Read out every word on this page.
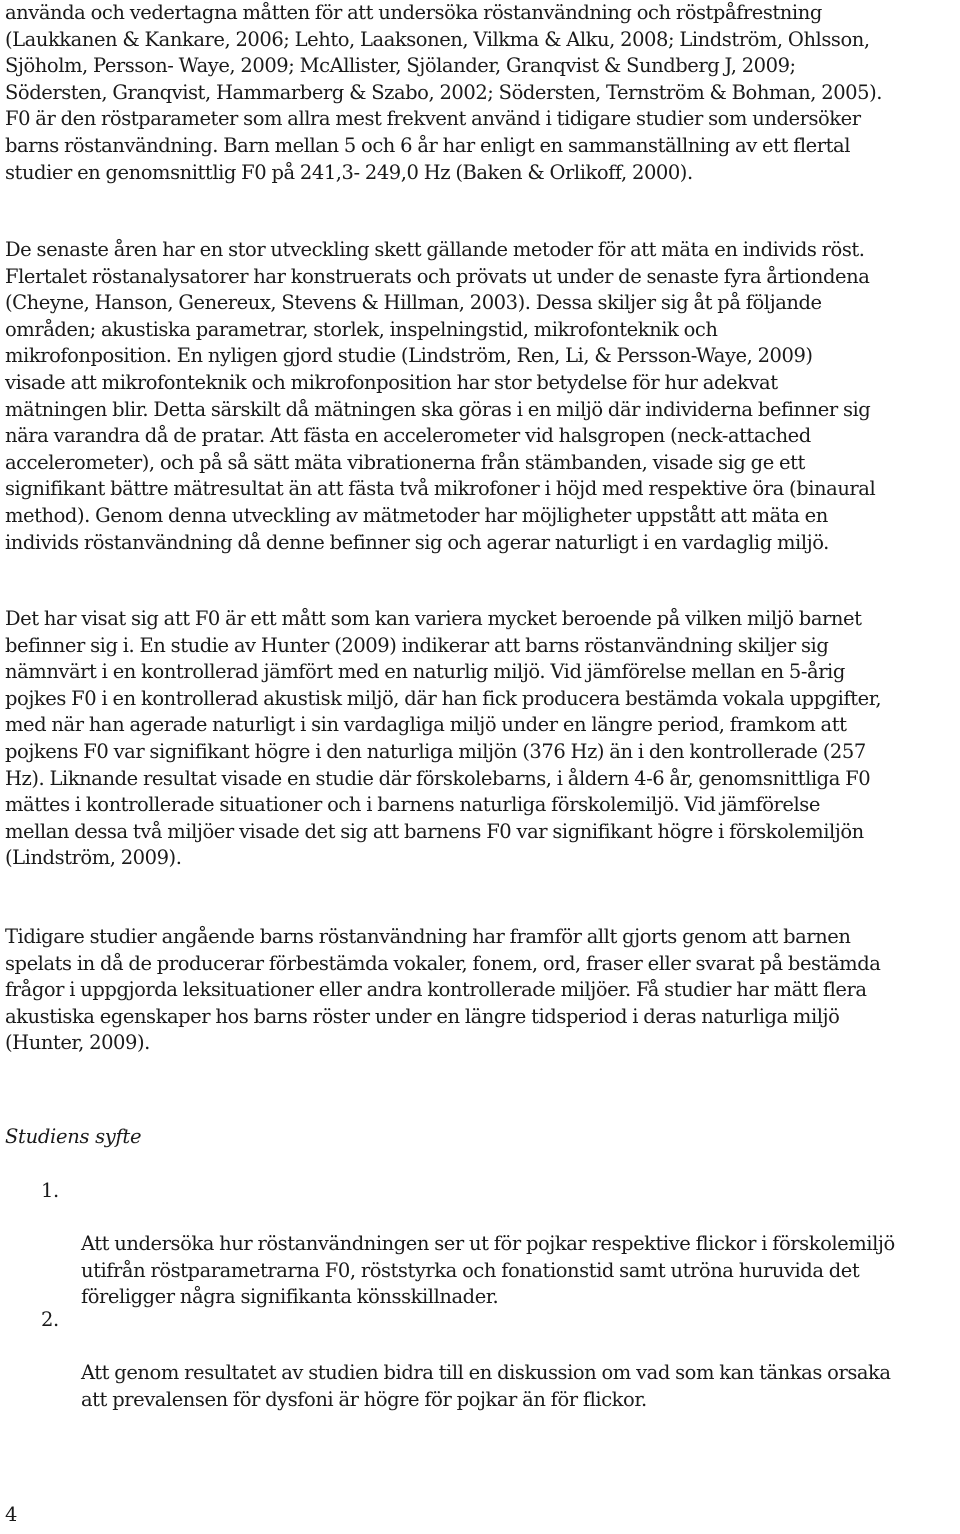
använda och vedertagna måtten för att undersöka röstanvändning och röstpåfrestning
(Laukkanen & Kankare, 2006; Lehto, Laaksonen, Vilkma & Alku, 2008; Lindström, Ohlsson,
Sjöholm, Persson- Waye, 2009; McAllister, Sjölander, Granqvist & Sundberg J, 2009;
Södersten, Granqvist, Hammarberg & Szabo, 2002; Södersten, Ternström & Bohman, 2005).
F0 är den röstparameter som allra mest frekvent använd i tidigare studier som undersöker
barns röstanvändning. Barn mellan 5 och 6 år har enligt en sammanställning av ett flertal
studier en genomsnittlig F0 på 241,3- 249,0 Hz (Baken & Orlikoff, 2000).

De senaste åren har en stor utveckling skett gällande metoder för att mäta en individs röst.
Flertalet röstanalysatorer har konstruerats och prövats ut under de senaste fyra årtiondena
(Cheyne, Hanson, Genereux, Stevens & Hillman, 2003). Dessa skiljer sig åt på följande
områden; akustiska parametrar, storlek, inspelningstid, mikrofonteknik och
mikrofonposition. En nyligen gjord studie (Lindström, Ren, Li, & Persson-Waye, 2009)
visade att mikrofonteknik och mikrofonposition har stor betydelse för hur adekvat
mätningen blir. Detta särskilt då mätningen ska göras i en miljö där individerna befinner sig
nära varandra då de pratar. Att fästa en accelerometer vid halsgropen (neck-attached
accelerometer), och på så sätt mäta vibrationerna från stämbanden, visade sig ge ett
signifikant bättre mätresultat än att fästa två mikrofoner i höjd med respektive öra (binaural
method). Genom denna utveckling av mätmetoder har möjligheter uppstått att mäta en
individs röstanvändning då denne befinner sig och agerar naturligt i en vardaglig miljö.

Det har visat sig att F0 är ett mått som kan variera mycket beroende på vilken miljö barnet
befinner sig i. En studie av Hunter (2009) indikerar att barns röstanvändning skiljer sig
nämnvärt i en kontrollerad jämfört med en naturlig miljö. Vid jämförelse mellan en 5-årig
pojkes F0 i en kontrollerad akustisk miljö, där han fick producera bestämda vokala uppgifter,
med när han agerade naturligt i sin vardagliga miljö under en längre period, framkom att
pojkens F0 var signifikant högre i den naturliga miljön (376 Hz) än i den kontrollerade (257
Hz). Liknande resultat visade en studie där förskolebarns, i åldern 4-6 år, genomsnittliga F0
mättes i kontrollerade situationer och i barnens naturliga förskolemiljö. Vid jämförelse
mellan dessa två miljöer visade det sig att barnens F0 var signifikant högre i förskolemiljön
(Lindström, 2009).

Tidigare studier angående barns röstanvändning har framför allt gjorts genom att barnen
spelats in då de producerar förbestämda vokaler, fonem, ord, fraser eller svarat på bestämda
frågor i uppgjorda leksituationer eller andra kontrollerade miljöer. Få studier har mätt flera
akustiska egenskaper hos barns röster under en längre tidsperiod i deras naturliga miljö
(Hunter, 2009).

Studiens syfte

1.

Att undersöka hur röstanvändningen ser ut för pojkar respektive flickor i förskolemiljö
utifrån röstparametrarna F0, röststyrka och fonationstid samt utröna huruvida det
föreligger några signifikanta könsskillnader.

2.

Att genom resultatet av studien bidra till en diskussion om vad som kan tänkas orsaka
att prevalensen för dysfoni är högre för pojkar än för flickor.

4
